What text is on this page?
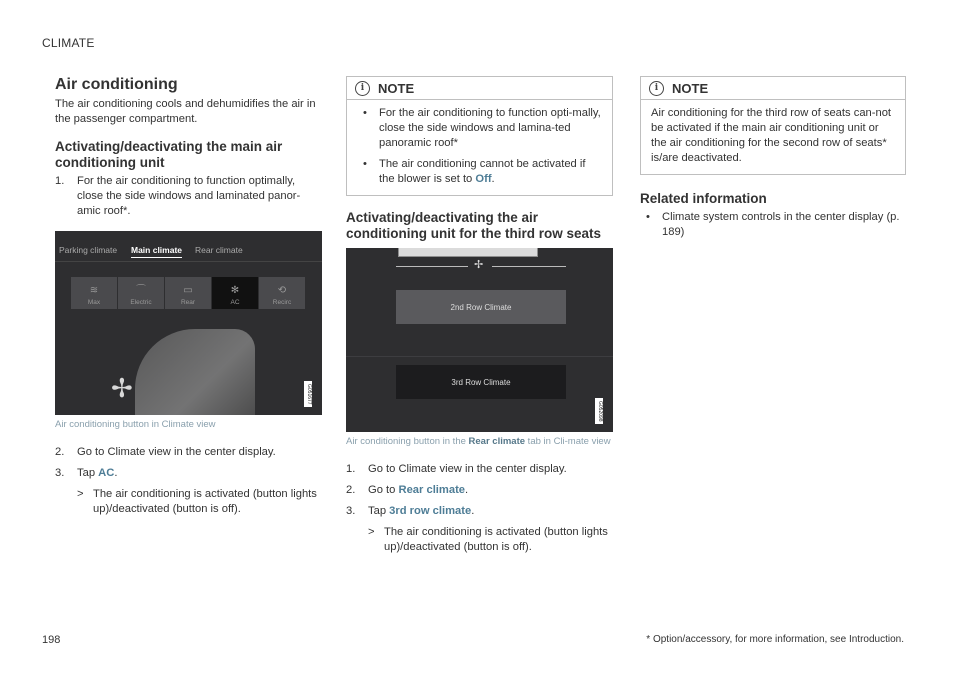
CLIMATE
Air conditioning

The air conditioning cools and dehumidifies the air in the passenger compartment.

Activating/deactivating the main air conditioning unit
1. For the air conditioning to function optimally, close the side windows and laminated panor-amic roof*.
Parking climate Main climate Rear climate
≋
Max
⌒
Electric
▭
Rear
✻
AC
⟲
Recirc
✢	G051677
Air conditioning button in Climate view
2. Go to Climate view in the center display.
3. Tap AC.
> The air conditioning is activated (button lights up)/deactivated (button is off).
i	NOTE
• For the air conditioning to function opti-mally, close the side windows and lamina-ted panoramic roof*
• The air conditioning cannot be activated if the blower is set to Off.
Activating/deactivating the air conditioning unit for the third row seats
✢
2nd Row Climate
3rd Row Climate
G052098
Air conditioning button in the Rear climate tab in Cli-mate view
1. Go to Climate view in the center display.
2. Go to Rear climate.
3. Tap 3rd row climate.
> The air conditioning is activated (button lights up)/deactivated (button is off).
i	NOTE

Air conditioning for the third row of seats can-not be activated if the main air conditioning unit or the air conditioning for the second row of seats* is/are deactivated.

Related information
• Climate system controls in the center display (p. 189)
198	* Option/accessory, for more information, see Introduction.
